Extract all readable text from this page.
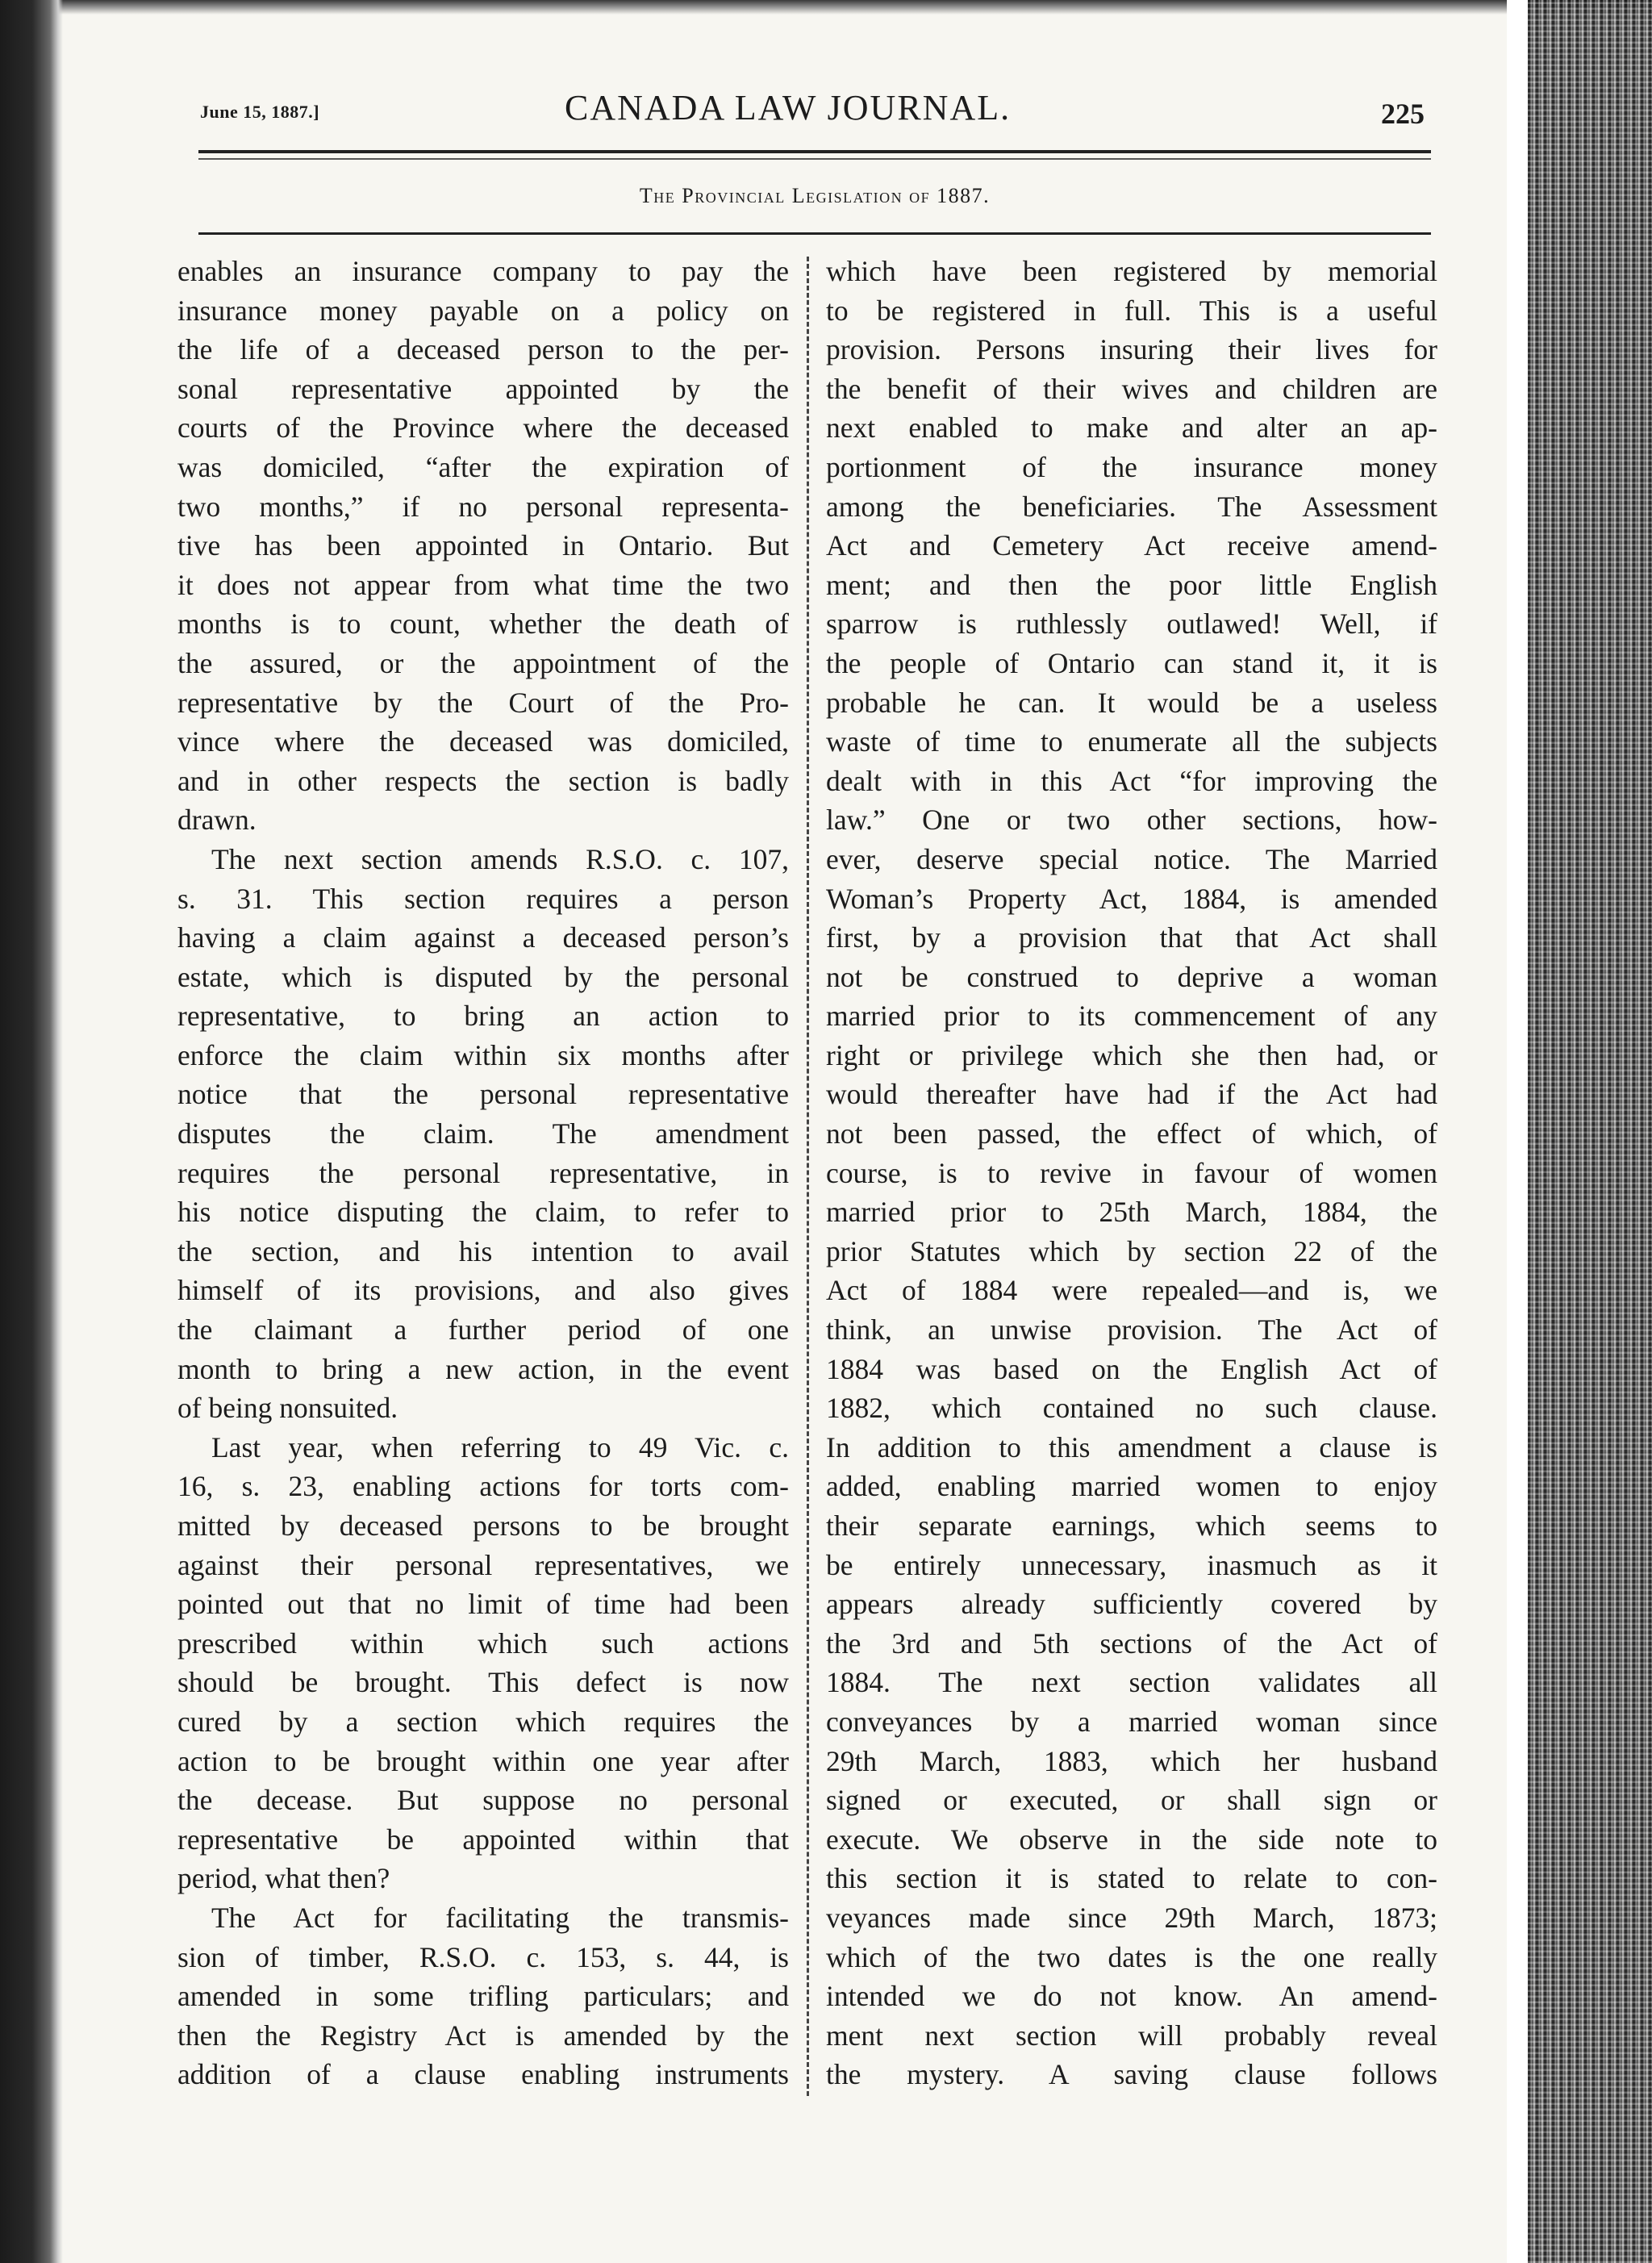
June 15, 1887.]	CANADA LAW JOURNAL.	225
The Provincial Legislation of 1887.
enables an insurance company to pay the
insurance money payable on a policy on
the life of a deceased person to the per-
sonal representative appointed by the
courts of the Province where the deceased
was domiciled, “after the expiration of
two months,” if no personal representa-
tive has been appointed in Ontario. But
it does not appear from what time the two
months is to count, whether the death of
the assured, or the appointment of the
representative by the Court of the Pro-
vince where the deceased was domiciled,
and in other respects the section is badly
drawn.
The next section amends R.S.O. c. 107,
s. 31. This section requires a person
having a claim against a deceased person’s
estate, which is disputed by the personal
representative, to bring an action to
enforce the claim within six months after
notice that the personal representative
disputes the claim. The amendment
requires the personal representative, in
his notice disputing the claim, to refer to
the section, and his intention to avail
himself of its provisions, and also gives
the claimant a further period of one
month to bring a new action, in the event
of being nonsuited.
Last year, when referring to 49 Vic. c.
16, s. 23, enabling actions for torts com-
mitted by deceased persons to be brought
against their personal representatives, we
pointed out that no limit of time had been
prescribed within which such actions
should be brought. This defect is now
cured by a section which requires the
action to be brought within one year after
the decease. But suppose no personal
representative be appointed within that
period, what then?
The Act for facilitating the transmis-
sion of timber, R.S.O. c. 153, s. 44, is
amended in some trifling particulars; and
then the Registry Act is amended by the
addition of a clause enabling instruments
which have been registered by memorial
to be registered in full. This is a useful
provision. Persons insuring their lives for
the benefit of their wives and children are
next enabled to make and alter an ap-
portionment of the insurance money
among the beneficiaries. The Assessment
Act and Cemetery Act receive amend-
ment; and then the poor little English
sparrow is ruthlessly outlawed! Well, if
the people of Ontario can stand it, it is
probable he can. It would be a useless
waste of time to enumerate all the subjects
dealt with in this Act “for improving the
law.” One or two other sections, how-
ever, deserve special notice. The Married
Woman’s Property Act, 1884, is amended
first, by a provision that that Act shall
not be construed to deprive a woman
married prior to its commencement of any
right or privilege which she then had, or
would thereafter have had if the Act had
not been passed, the effect of which, of
course, is to revive in favour of women
married prior to 25th March, 1884, the
prior Statutes which by section 22 of the
Act of 1884 were repealed—and is, we
think, an unwise provision. The Act of
1884 was based on the English Act of
1882, which contained no such clause.
In addition to this amendment a clause is
added, enabling married women to enjoy
their separate earnings, which seems to
be entirely unnecessary, inasmuch as it
appears already sufficiently covered by
the 3rd and 5th sections of the Act of
1884. The next section validates all
conveyances by a married woman since
29th March, 1883, which her husband
signed or executed, or shall sign or
execute. We observe in the side note to
this section it is stated to relate to con-
veyances made since 29th March, 1873;
which of the two dates is the one really
intended we do not know. An amend-
ment next section will probably reveal
the mystery. A saving clause follows
